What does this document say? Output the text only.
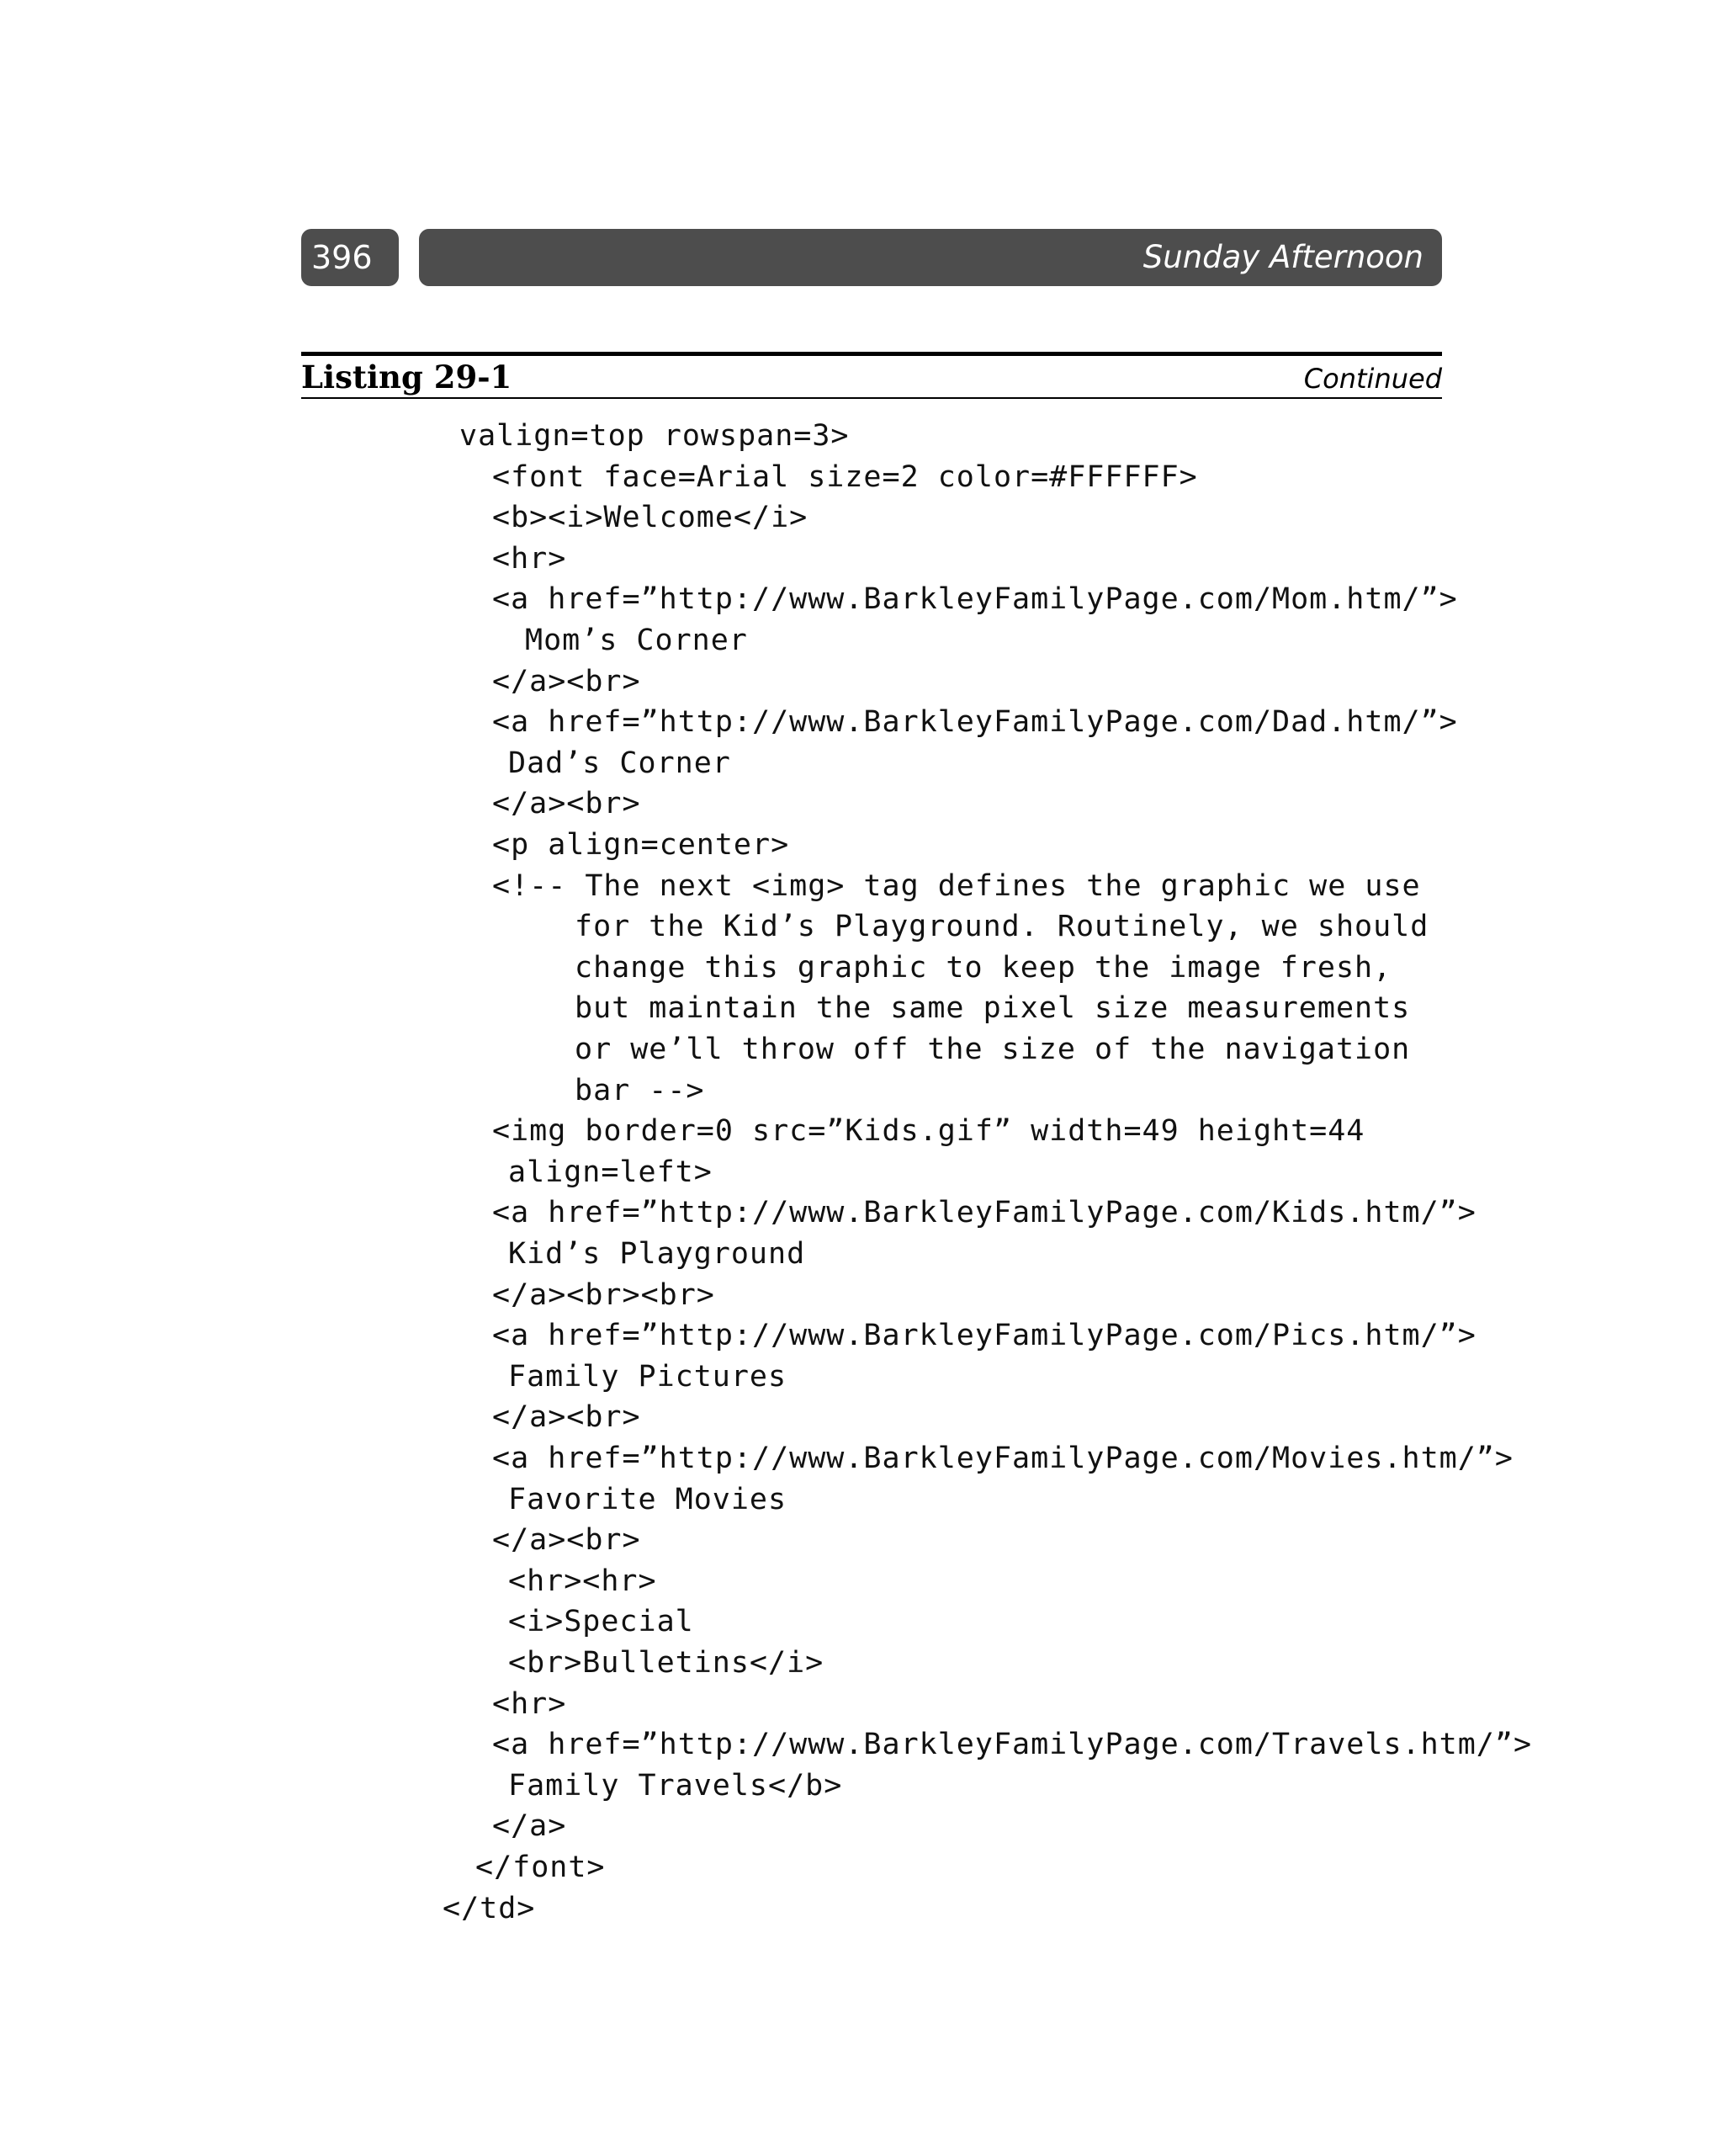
396	Sunday Afternoon
Listing 29-1	Continued
valign=top rowspan=3>
<font face=Arial size=2 color=#FFFFFF>
<b><i>Welcome</i>
<hr>
<a href=”http://www.BarkleyFamilyPage.com/Mom.htm/”>
Mom’s Corner
</a><br>
<a href=”http://www.BarkleyFamilyPage.com/Dad.htm/”>
Dad’s Corner
</a><br>
<p align=center>
<!-- The next <img> tag defines the graphic we use
for the Kid’s Playground. Routinely, we should
change this graphic to keep the image fresh,
but maintain the same pixel size measurements
or we’ll throw off the size of the navigation
bar -->
<img border=0 src=”Kids.gif” width=49 height=44
align=left>
<a href=”http://www.BarkleyFamilyPage.com/Kids.htm/”>
Kid’s Playground
</a><br><br>
<a href=”http://www.BarkleyFamilyPage.com/Pics.htm/”>
Family Pictures
</a><br>
<a href=”http://www.BarkleyFamilyPage.com/Movies.htm/”>
Favorite Movies
</a><br>
<hr><hr>
<i>Special
<br>Bulletins</i>
<hr>
<a href=”http://www.BarkleyFamilyPage.com/Travels.htm/”>
Family Travels</b>
</a>
</font>
</td>
